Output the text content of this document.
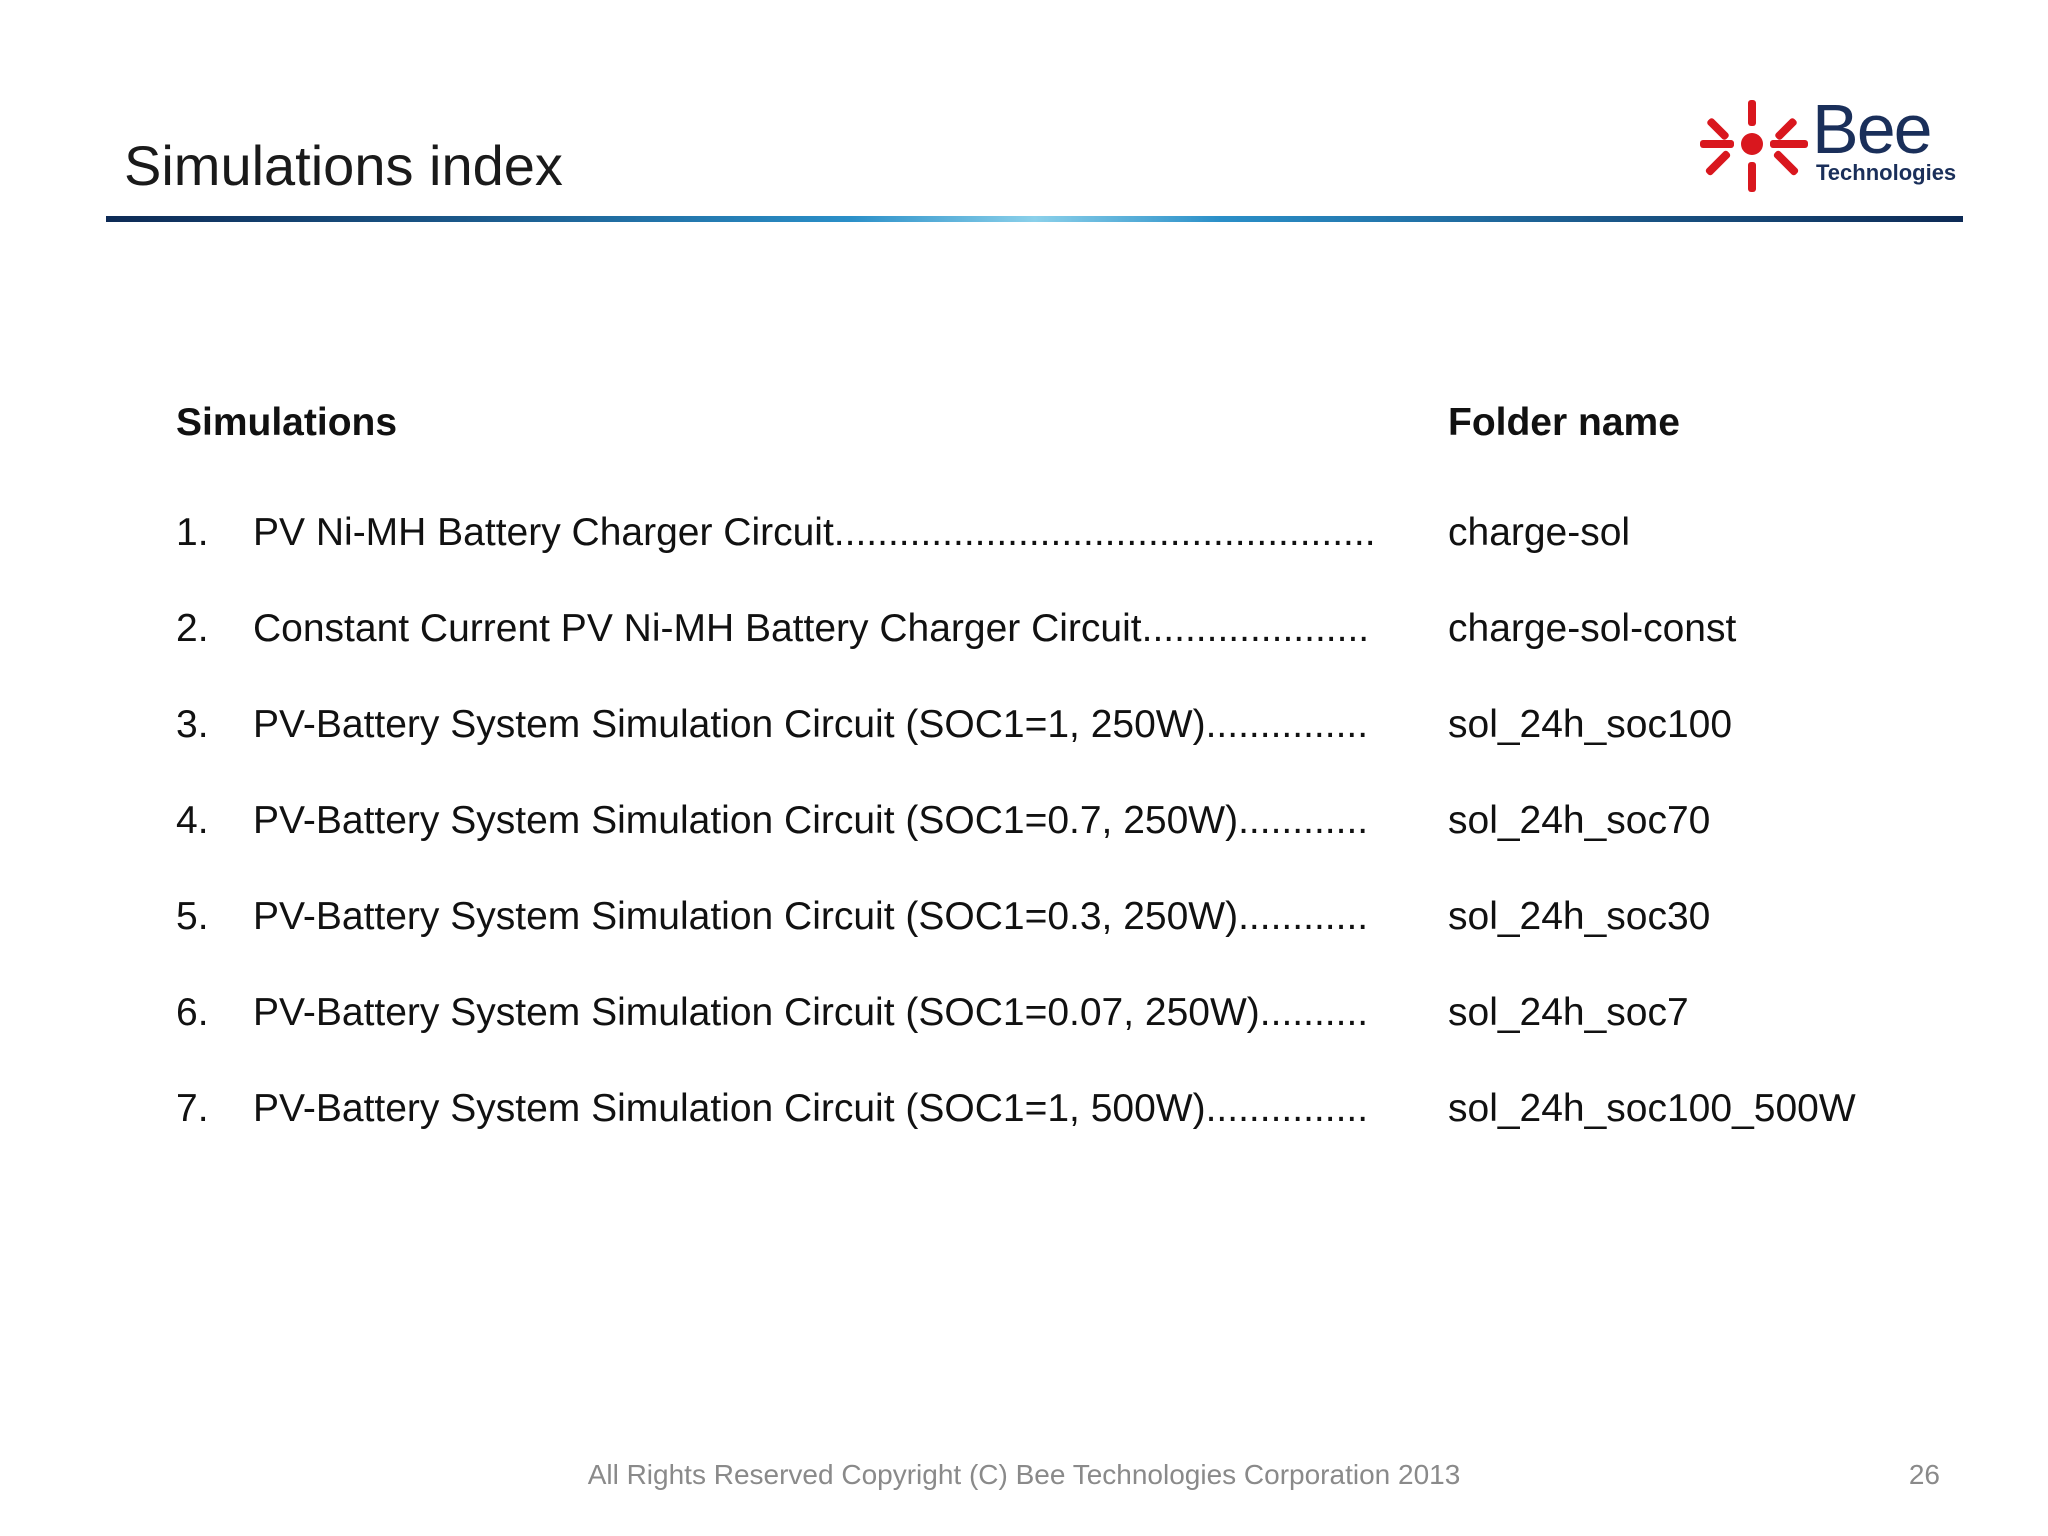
Simulations index	Bee
Technologies
Simulations	Folder name
1. PV Ni-MH Battery Charger Circuit.................................................. charge-sol
2. Constant Current PV Ni-MH Battery Charger Circuit..................... charge-sol-const
3. PV-Battery System Simulation Circuit (SOC1=1, 250W)............... sol_24h_soc100
4. PV-Battery System Simulation Circuit (SOC1=0.7, 250W)............ sol_24h_soc70
5. PV-Battery System Simulation Circuit (SOC1=0.3, 250W)............ sol_24h_soc30
6. PV-Battery System Simulation Circuit (SOC1=0.07, 250W).......... sol_24h_soc7
7. PV-Battery System Simulation Circuit (SOC1=1, 500W)............... sol_24h_soc100_500W
All Rights Reserved Copyright (C) Bee Technologies Corporation 2013	26
